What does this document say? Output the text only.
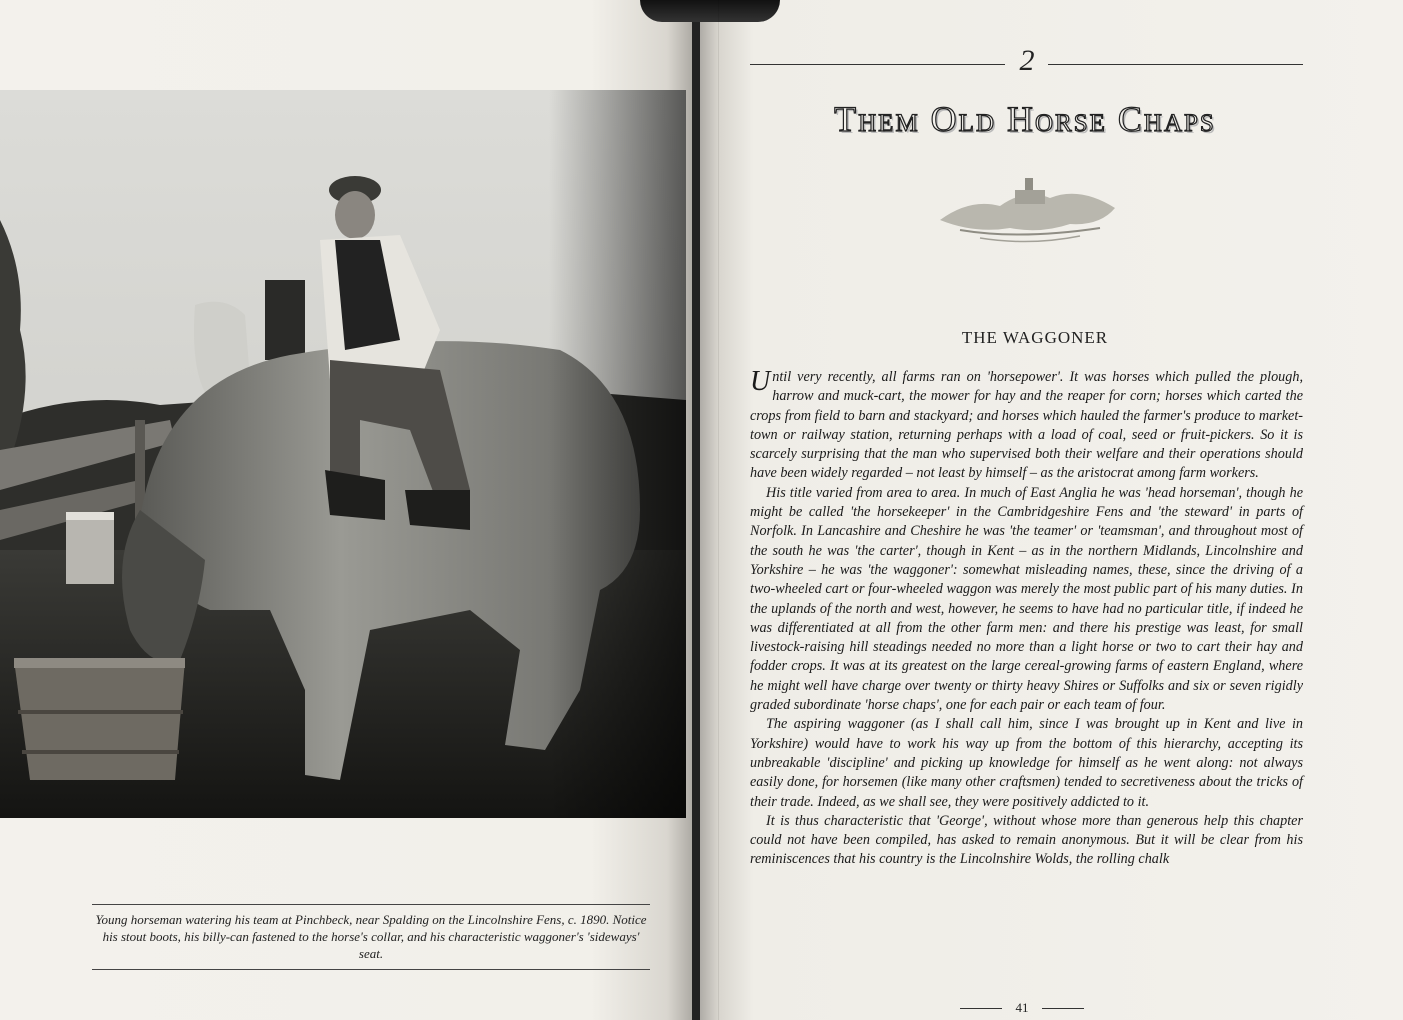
Young horseman watering his team at Pinchbeck, near Spalding on the Lincolnshire Fens, c. 1890. Notice his stout boots, his billy-can fastened to the horse's collar, and his characteristic waggoner's 'sideways' seat.
2
Them Old Horse Chaps
THE WAGGONER

Until very recently, all farms ran on 'horsepower'. It was horses which pulled the plough, harrow and muck-cart, the mower for hay and the reaper for corn; horses which carted the crops from field to barn and stackyard; and horses which hauled the farmer's produce to market-town or railway station, returning perhaps with a load of coal, seed or fruit-pickers. So it is scarcely surprising that the man who supervised both their welfare and their operations should have been widely regarded – not least by himself – as the aristocrat among farm workers.

His title varied from area to area. In much of East Anglia he was 'head horseman', though he might be called 'the horsekeeper' in the Cambridgeshire Fens and 'the steward' in parts of Norfolk. In Lancashire and Cheshire he was 'the teamer' or 'teamsman', and throughout most of the south he was 'the carter', though in Kent – as in the northern Midlands, Lincolnshire and Yorkshire – he was 'the waggoner': somewhat misleading names, these, since the driving of a two-wheeled cart or four-wheeled waggon was merely the most public part of his many duties. In the uplands of the north and west, however, he seems to have had no particular title, if indeed he was differentiated at all from the other farm men: and there his prestige was least, for small livestock-raising hill steadings needed no more than a light horse or two to cart their hay and fodder crops. It was at its greatest on the large cereal-growing farms of eastern England, where he might well have charge over twenty or thirty heavy Shires or Suffolks and six or seven rigidly graded subordinate 'horse chaps', one for each pair or each team of four.

The aspiring waggoner (as I shall call him, since I was brought up in Kent and live in Yorkshire) would have to work his way up from the bottom of this hierarchy, accepting its unbreakable 'discipline' and picking up knowledge for himself as he went along: not always easily done, for horsemen (like many other craftsmen) tended to secretiveness about the tricks of their trade. Indeed, as we shall see, they were positively addicted to it.

It is thus characteristic that 'George', without whose more than generous help this chapter could not have been compiled, has asked to remain anonymous. But it will be clear from his reminiscences that his country is the Lincolnshire Wolds, the rolling chalk

41
